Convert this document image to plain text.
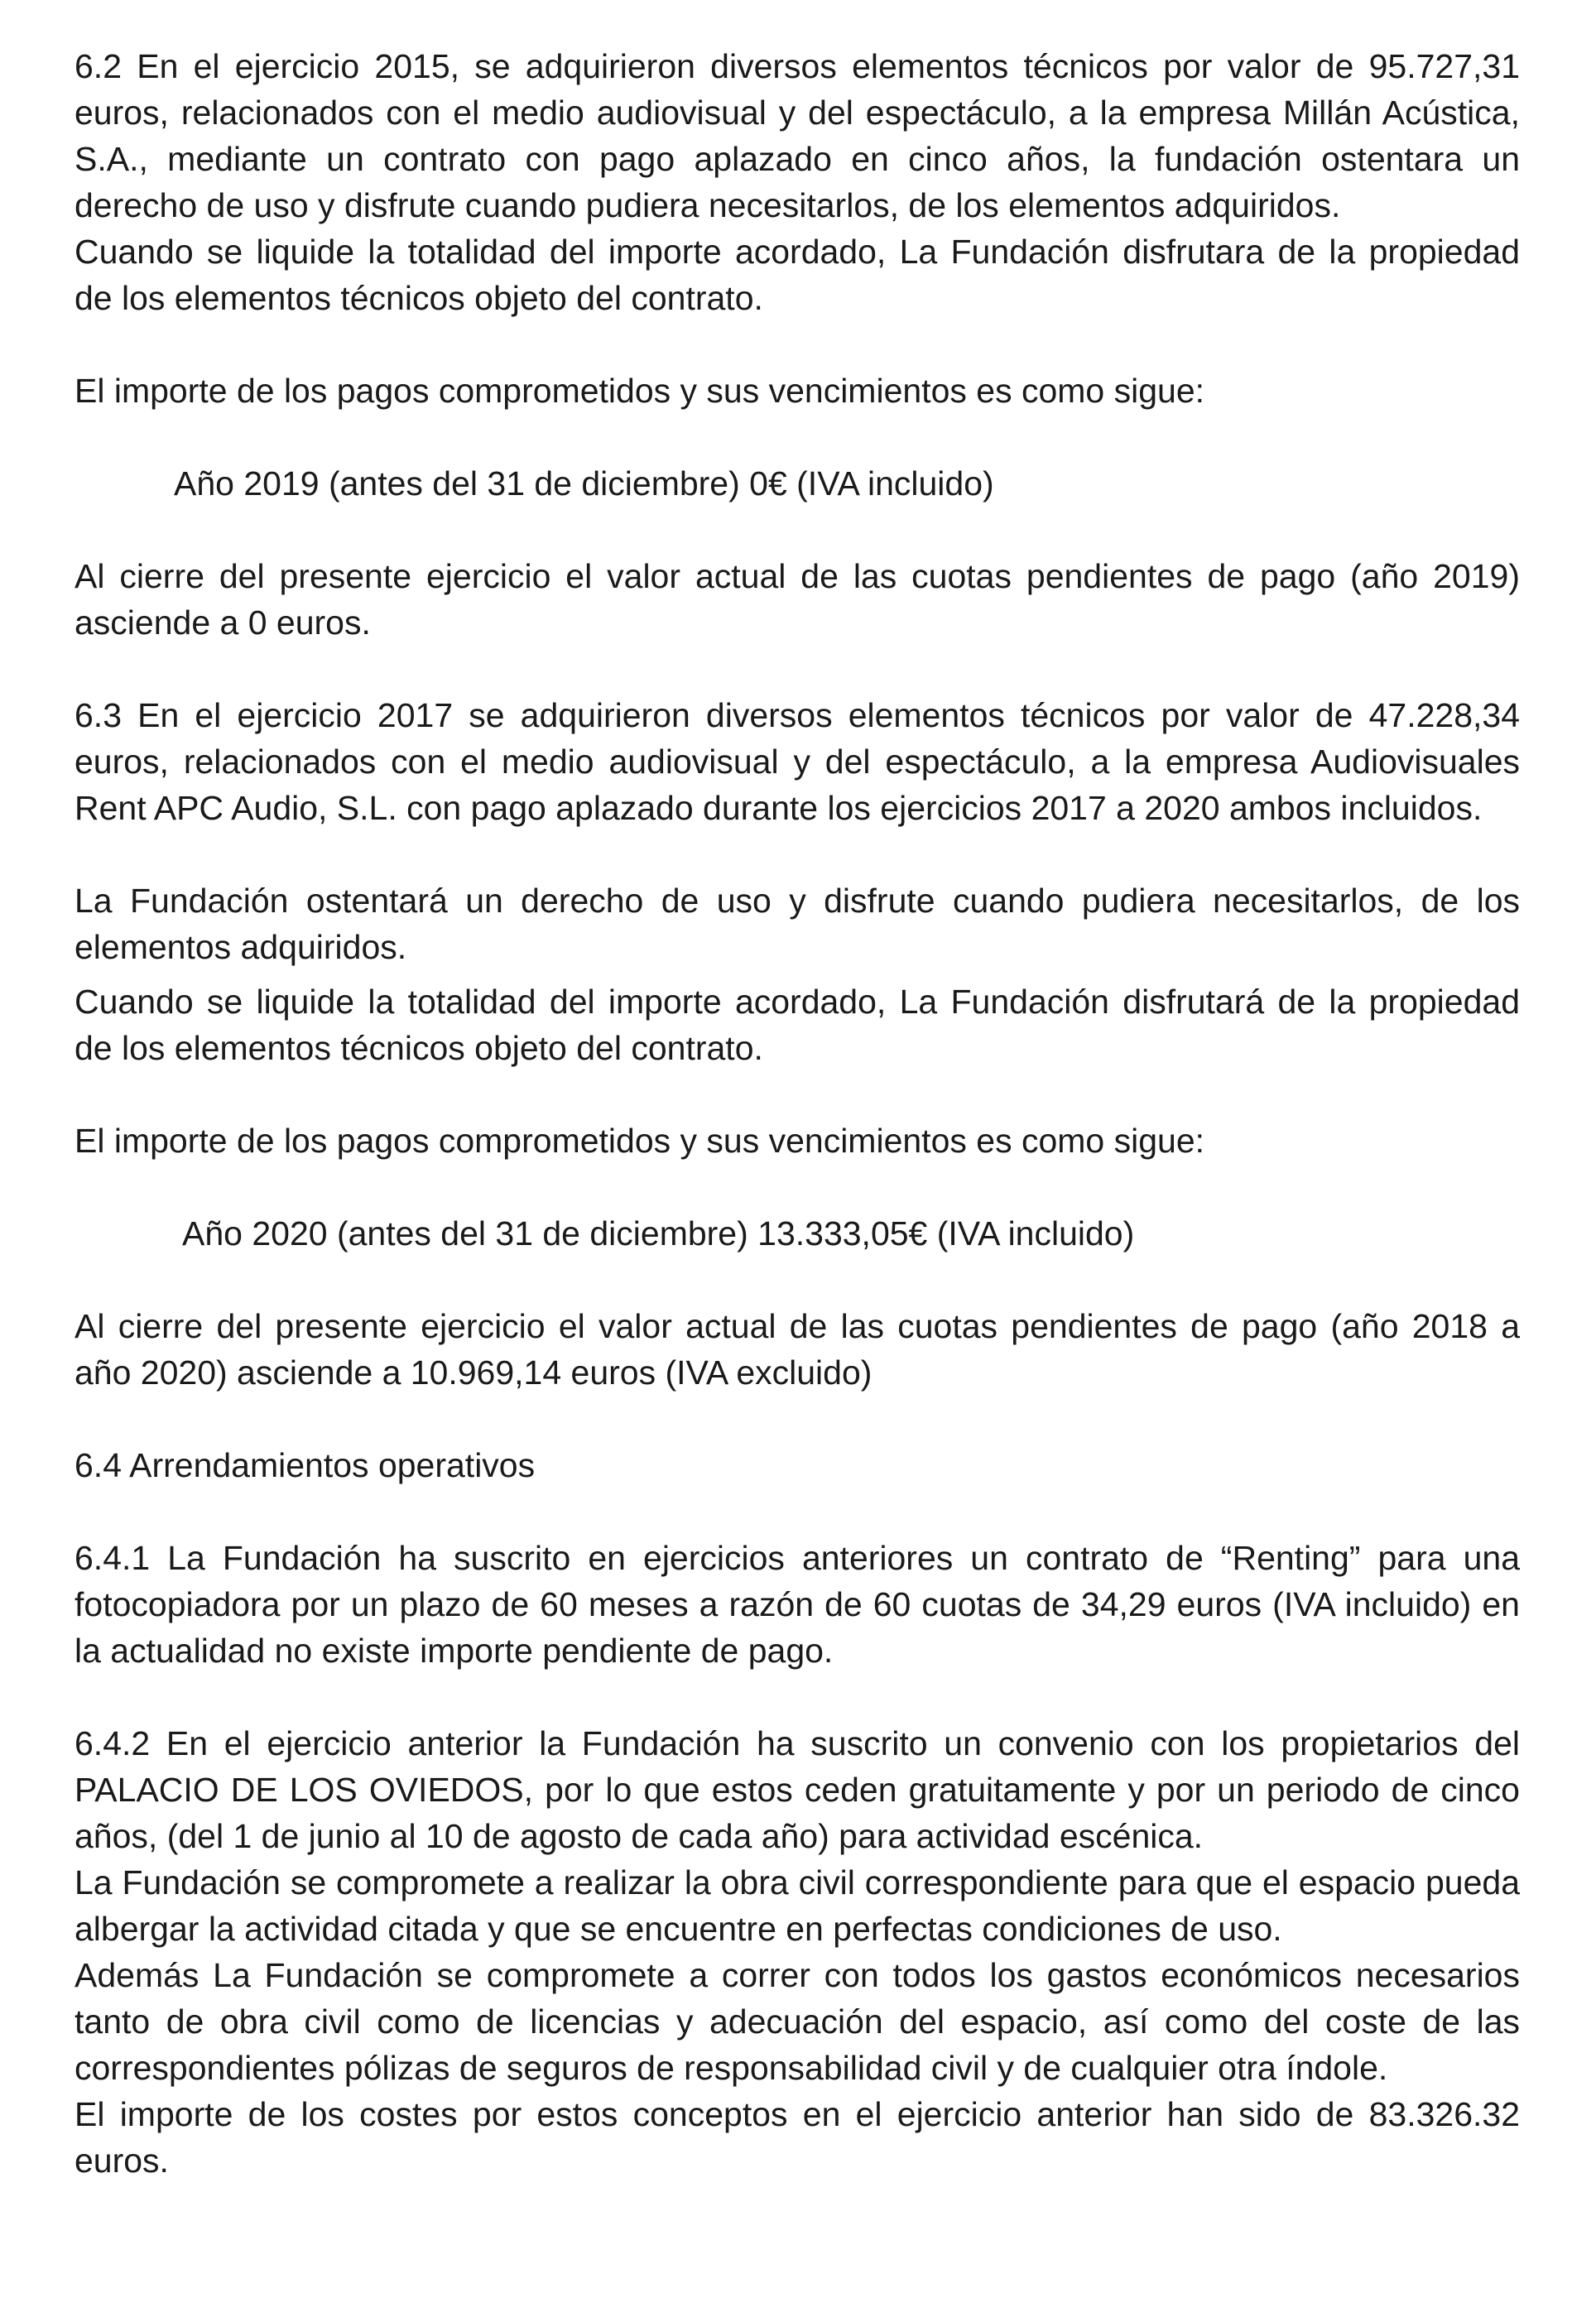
6.2 En el ejercicio 2015, se adquirieron diversos elementos técnicos por valor de 95.727,31
euros, relacionados con el medio audiovisual y del espectáculo, a la empresa Millán Acústica,
S.A., mediante un contrato con pago aplazado en cinco años, la fundación ostentara un
derecho de uso y disfrute cuando pudiera necesitarlos, de los elementos adquiridos.
Cuando se liquide la totalidad del importe acordado, La Fundación disfrutara de la propiedad
de los elementos técnicos objeto del contrato.
El importe de los pagos comprometidos y sus vencimientos es como sigue:
Año 2019 (antes del 31 de diciembre) 0€ (IVA incluido)
Al cierre del presente ejercicio el valor actual de las cuotas pendientes de pago (año 2019)
asciende a 0 euros.
6.3 En el ejercicio 2017 se adquirieron diversos elementos técnicos por valor de 47.228,34
euros, relacionados con el medio audiovisual y del espectáculo, a la empresa Audiovisuales
Rent APC Audio, S.L. con pago aplazado durante los ejercicios 2017 a 2020 ambos incluidos.
La Fundación ostentará un derecho de uso y disfrute cuando pudiera necesitarlos, de los
elementos adquiridos.
Cuando se liquide la totalidad del importe acordado, La Fundación disfrutará de la propiedad
de los elementos técnicos objeto del contrato.
El importe de los pagos comprometidos y sus vencimientos es como sigue:
Año 2020 (antes del 31 de diciembre) 13.333,05€ (IVA incluido)
Al cierre del presente ejercicio el valor actual de las cuotas pendientes de pago (año 2018 a
año 2020) asciende a 10.969,14 euros (IVA excluido)
6.4 Arrendamientos operativos
6.4.1 La Fundación ha suscrito en ejercicios anteriores un contrato de “Renting” para una
fotocopiadora por un plazo de 60 meses a razón de 60 cuotas de 34,29 euros (IVA incluido) en
la actualidad no existe importe pendiente de pago.
6.4.2 En el ejercicio anterior la Fundación ha suscrito un convenio con los propietarios del
PALACIO DE LOS OVIEDOS, por lo que estos ceden gratuitamente y por un periodo de cinco
años, (del 1 de junio al 10 de agosto de cada año) para actividad escénica.
La Fundación se compromete a realizar la obra civil correspondiente para que el espacio pueda
albergar la actividad citada y que se encuentre en perfectas condiciones de uso.
Además La Fundación se compromete a correr con todos los gastos económicos necesarios
tanto de obra civil como de licencias y adecuación del espacio, así como del coste de las
correspondientes pólizas de seguros de responsabilidad civil y de cualquier otra índole.
El importe de los costes por estos conceptos en el ejercicio anterior han sido de 83.326.32
euros.
